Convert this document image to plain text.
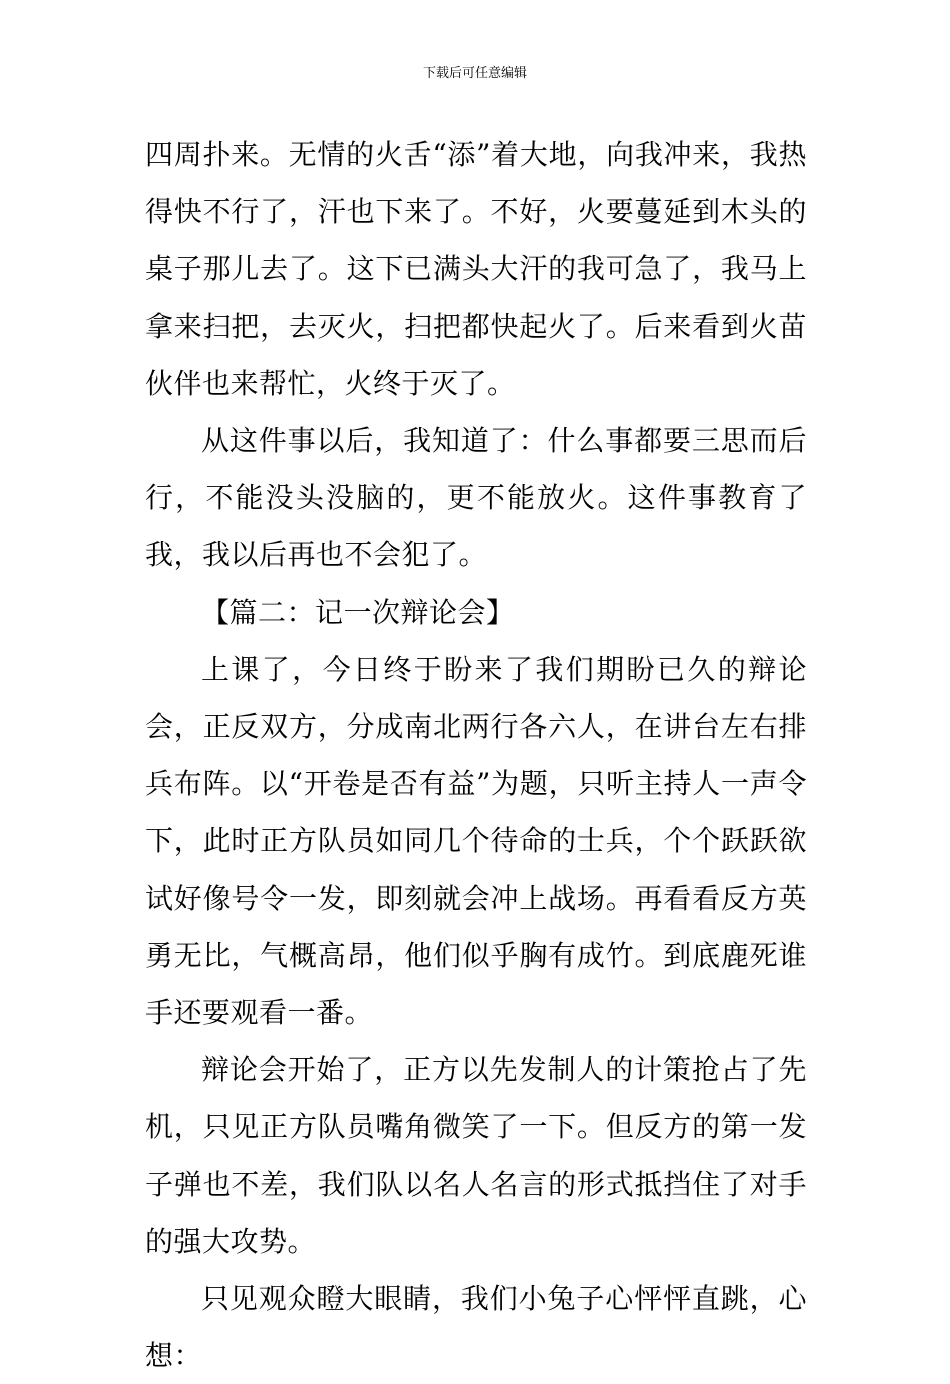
下载后可任意编辑

四周扑来。无情的火舌“添”着大地，向我冲来，我热得快不行了，汗也下来了。不好，火要蔓延到木头的桌子那儿去了。这下已满头大汗的我可急了，我马上拿来扫把，去灭火，扫把都快起火了。后来看到火苗伙伴也来帮忙，火终于灭了。

从这件事以后，我知道了：什么事都要三思而后行，不能没头没脑的，更不能放火。这件事教育了我，我以后再也不会犯了。

【篇二：记一次辩论会】

上课了，今日终于盼来了我们期盼已久的辩论会，正反双方，分成南北两行各六人，在讲台左右排兵布阵。以“开卷是否有益”为题，只听主持人一声令下，此时正方队员如同几个待命的士兵，个个跃跃欲试好像号令一发，即刻就会冲上战场。再看看反方英勇无比，气概高昂，他们似乎胸有成竹。到底鹿死谁手还要观看一番。

辩论会开始了，正方以先发制人的计策抢占了先机，只见正方队员嘴角微笑了一下。但反方的第一发子弹也不差，我们队以名人名言的形式抵挡住了对手的强大攻势。

只见观众瞪大眼睛，我们小兔子心怦怦直跳，心想：
